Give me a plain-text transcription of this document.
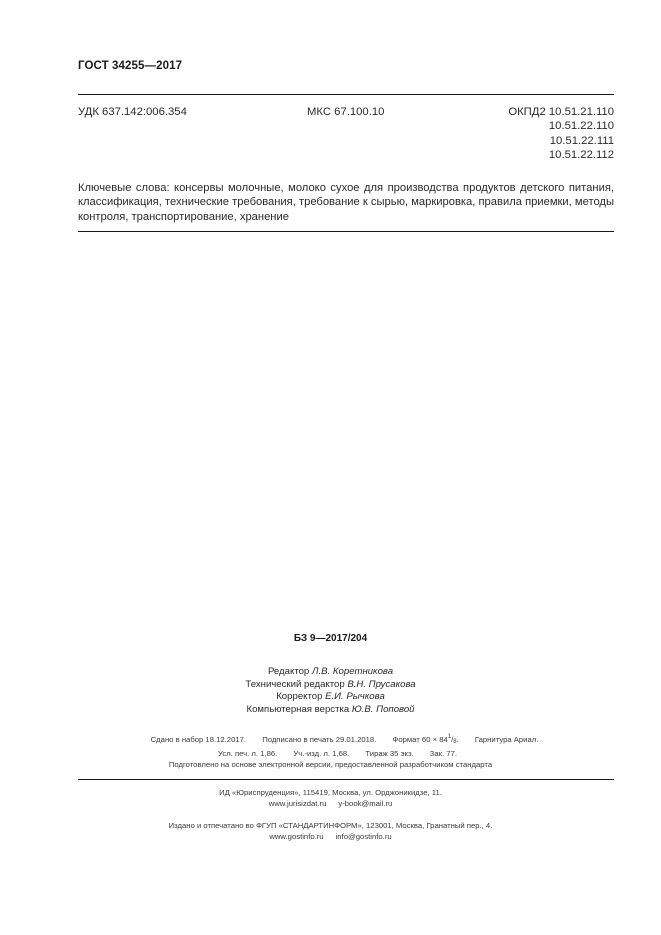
ГОСТ 34255—2017
УДК 637.142:006.354	МКС 67.100.10	ОКПД2 10.51.21.110
10.51.22.110
10.51.22.111
10.51.22.112
Ключевые слова: консервы молочные, молоко сухое для производства продуктов детского питания,
классификация, технические требования, требование к сырью, маркировка, правила приемки, методы
контроля, транспортирование, хранение
БЗ 9—2017/204
Редактор Л.В. Коретникова
Технический редактор В.Н. Прусакова
Корректор Е.И. Рычкова
Компьютерная верстка Ю.В. Поповой
Сдано в набор 18.12.2017. Подписано в печать 29.01.2018. Формат $60 \times 84^1/_8$. Гарнитура Ариал.
Усл. печ. л. 1,86. Уч.-изд. л. 1,68. Тираж 35 экз. Зак. 77.
Подготовлено на основе электронной версии, предоставленной разработчиком стандарта
ИД «Юриспруденция», 115419, Москва, ул. Орджоникидзе, 11.
www.jurisizdat.ru y-book@mail.ru
Издано и отпечатано во ФГУП «СТАНДАРТИНФОРМ», 123001, Москва, Гранатный пер., 4.
www.gostinfo.ru info@gostinfo.ru
